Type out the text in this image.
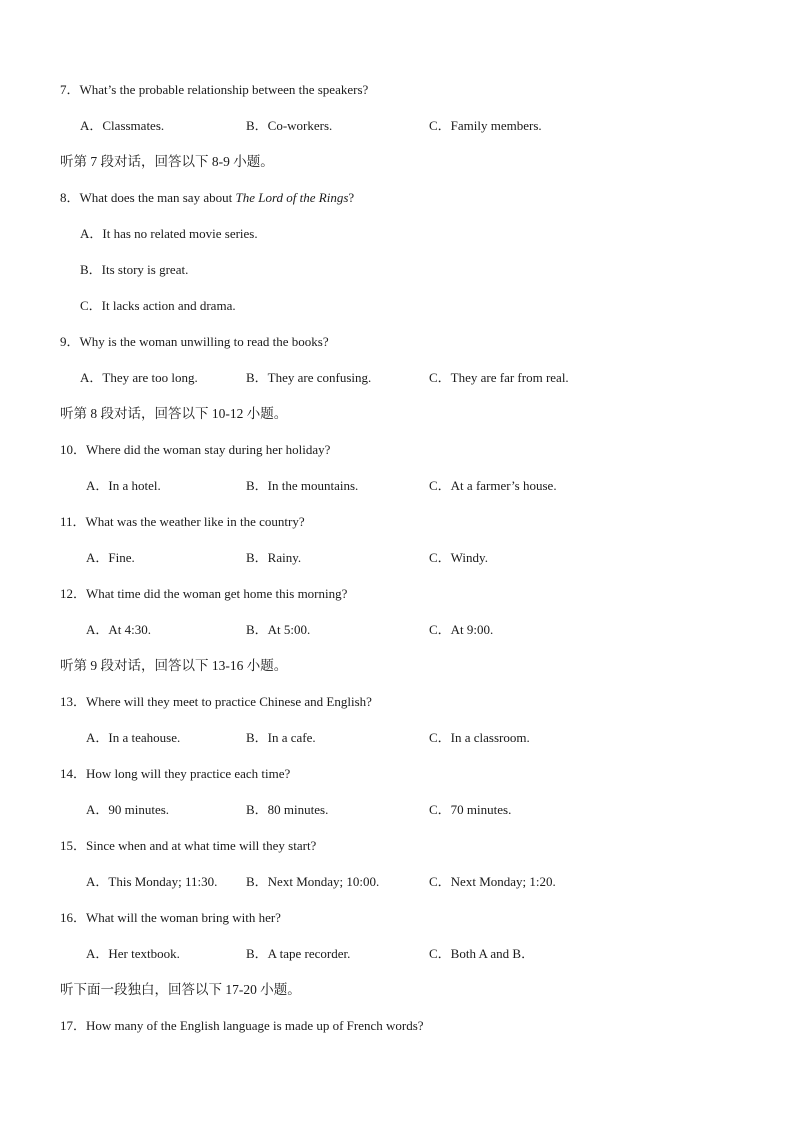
7．What’s the probable relationship between the speakers?
A．Classmates.	B．Co-workers.	C．Family members.
听第 7 段对话，回答以下 8-9 小题。
8．What does the man say about The Lord of the Rings?
A．It has no related movie series.
B．Its story is great.
C．It lacks action and drama.
9．Why is the woman unwilling to read the books?
A．They are too long.	B．They are confusing.	C．They are far from real.
听第 8 段对话，回答以下 10-12 小题。
10．Where did the woman stay during her holiday?
A．In a hotel.	B．In the mountains.	C．At a farmer’s house.
11．What was the weather like in the country?
A．Fine.	B．Rainy.	C．Windy.
12．What time did the woman get home this morning?
A．At 4:30.	B．At 5:00.	C．At 9:00.
听第 9 段对话，回答以下 13-16 小题。
13．Where will they meet to practice Chinese and English?
A．In a teahouse.	B．In a cafe.	C．In a classroom.
14．How long will they practice each time?
A．90 minutes.	B．80 minutes.	C．70 minutes.
15．Since when and at what time will they start?
A．This Monday; 11:30. B．Next Monday; 10:00.	C．Next Monday; 1:20.
16．What will the woman bring with her?
A．Her textbook.	B．A tape recorder.	C．Both A and B．
听下面一段独白，回答以下 17-20 小题。
17．How many of the English language is made up of French words?
